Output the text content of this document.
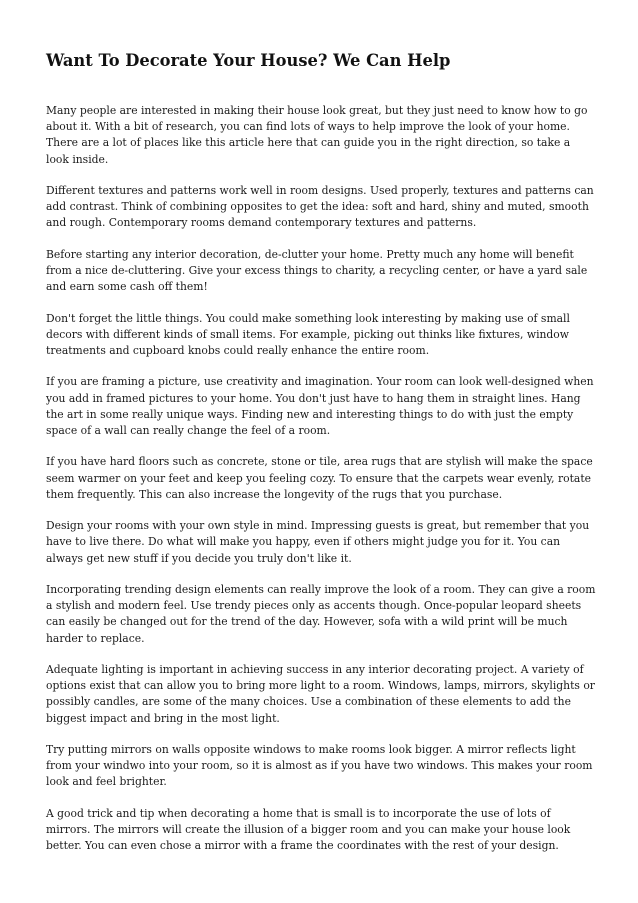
Want To Decorate Your House? We Can Help

Many people are interested in making their house look great, but they just need to know how to go about it. With a bit of research, you can find lots of ways to help improve the look of your home. There are a lot of places like this article here that can guide you in the right direction, so take a look inside.

Different textures and patterns work well in room designs. Used properly, textures and patterns can add contrast. Think of combining opposites to get the idea: soft and hard, shiny and muted, smooth and rough. Contemporary rooms demand contemporary textures and patterns.

Before starting any interior decoration, de-clutter your home. Pretty much any home will benefit from a nice de-cluttering. Give your excess things to charity, a recycling center, or have a yard sale and earn some cash off them!

Don't forget the little things. You could make something look interesting by making use of small decors with different kinds of small items. For example, picking out thinks like fixtures, window treatments and cupboard knobs could really enhance the entire room.

If you are framing a picture, use creativity and imagination. Your room can look well-designed when you add in framed pictures to your home. You don't just have to hang them in straight lines. Hang the art in some really unique ways. Finding new and interesting things to do with just the empty space of a wall can really change the feel of a room.

If you have hard floors such as concrete, stone or tile, area rugs that are stylish will make the space seem warmer on your feet and keep you feeling cozy. To ensure that the carpets wear evenly, rotate them frequently. This can also increase the longevity of the rugs that you purchase.

Design your rooms with your own style in mind. Impressing guests is great, but remember that you have to live there. Do what will make you happy, even if others might judge you for it. You can always get new stuff if you decide you truly don't like it.

Incorporating trending design elements can really improve the look of a room. They can give a room a stylish and modern feel. Use trendy pieces only as accents though. Once-popular leopard sheets can easily be changed out for the trend of the day. However, sofa with a wild print will be much harder to replace.

Adequate lighting is important in achieving success in any interior decorating project. A variety of options exist that can allow you to bring more light to a room. Windows, lamps, mirrors, skylights or possibly candles, are some of the many choices. Use a combination of these elements to add the biggest impact and bring in the most light.

Try putting mirrors on walls opposite windows to make rooms look bigger. A mirror reflects light from your windwo into your room, so it is almost as if you have two windows. This makes your room look and feel brighter.

A good trick and tip when decorating a home that is small is to incorporate the use of lots of mirrors. The mirrors will create the illusion of a bigger room and you can make your house look better. You can even chose a mirror with a frame the coordinates with the rest of your design.
